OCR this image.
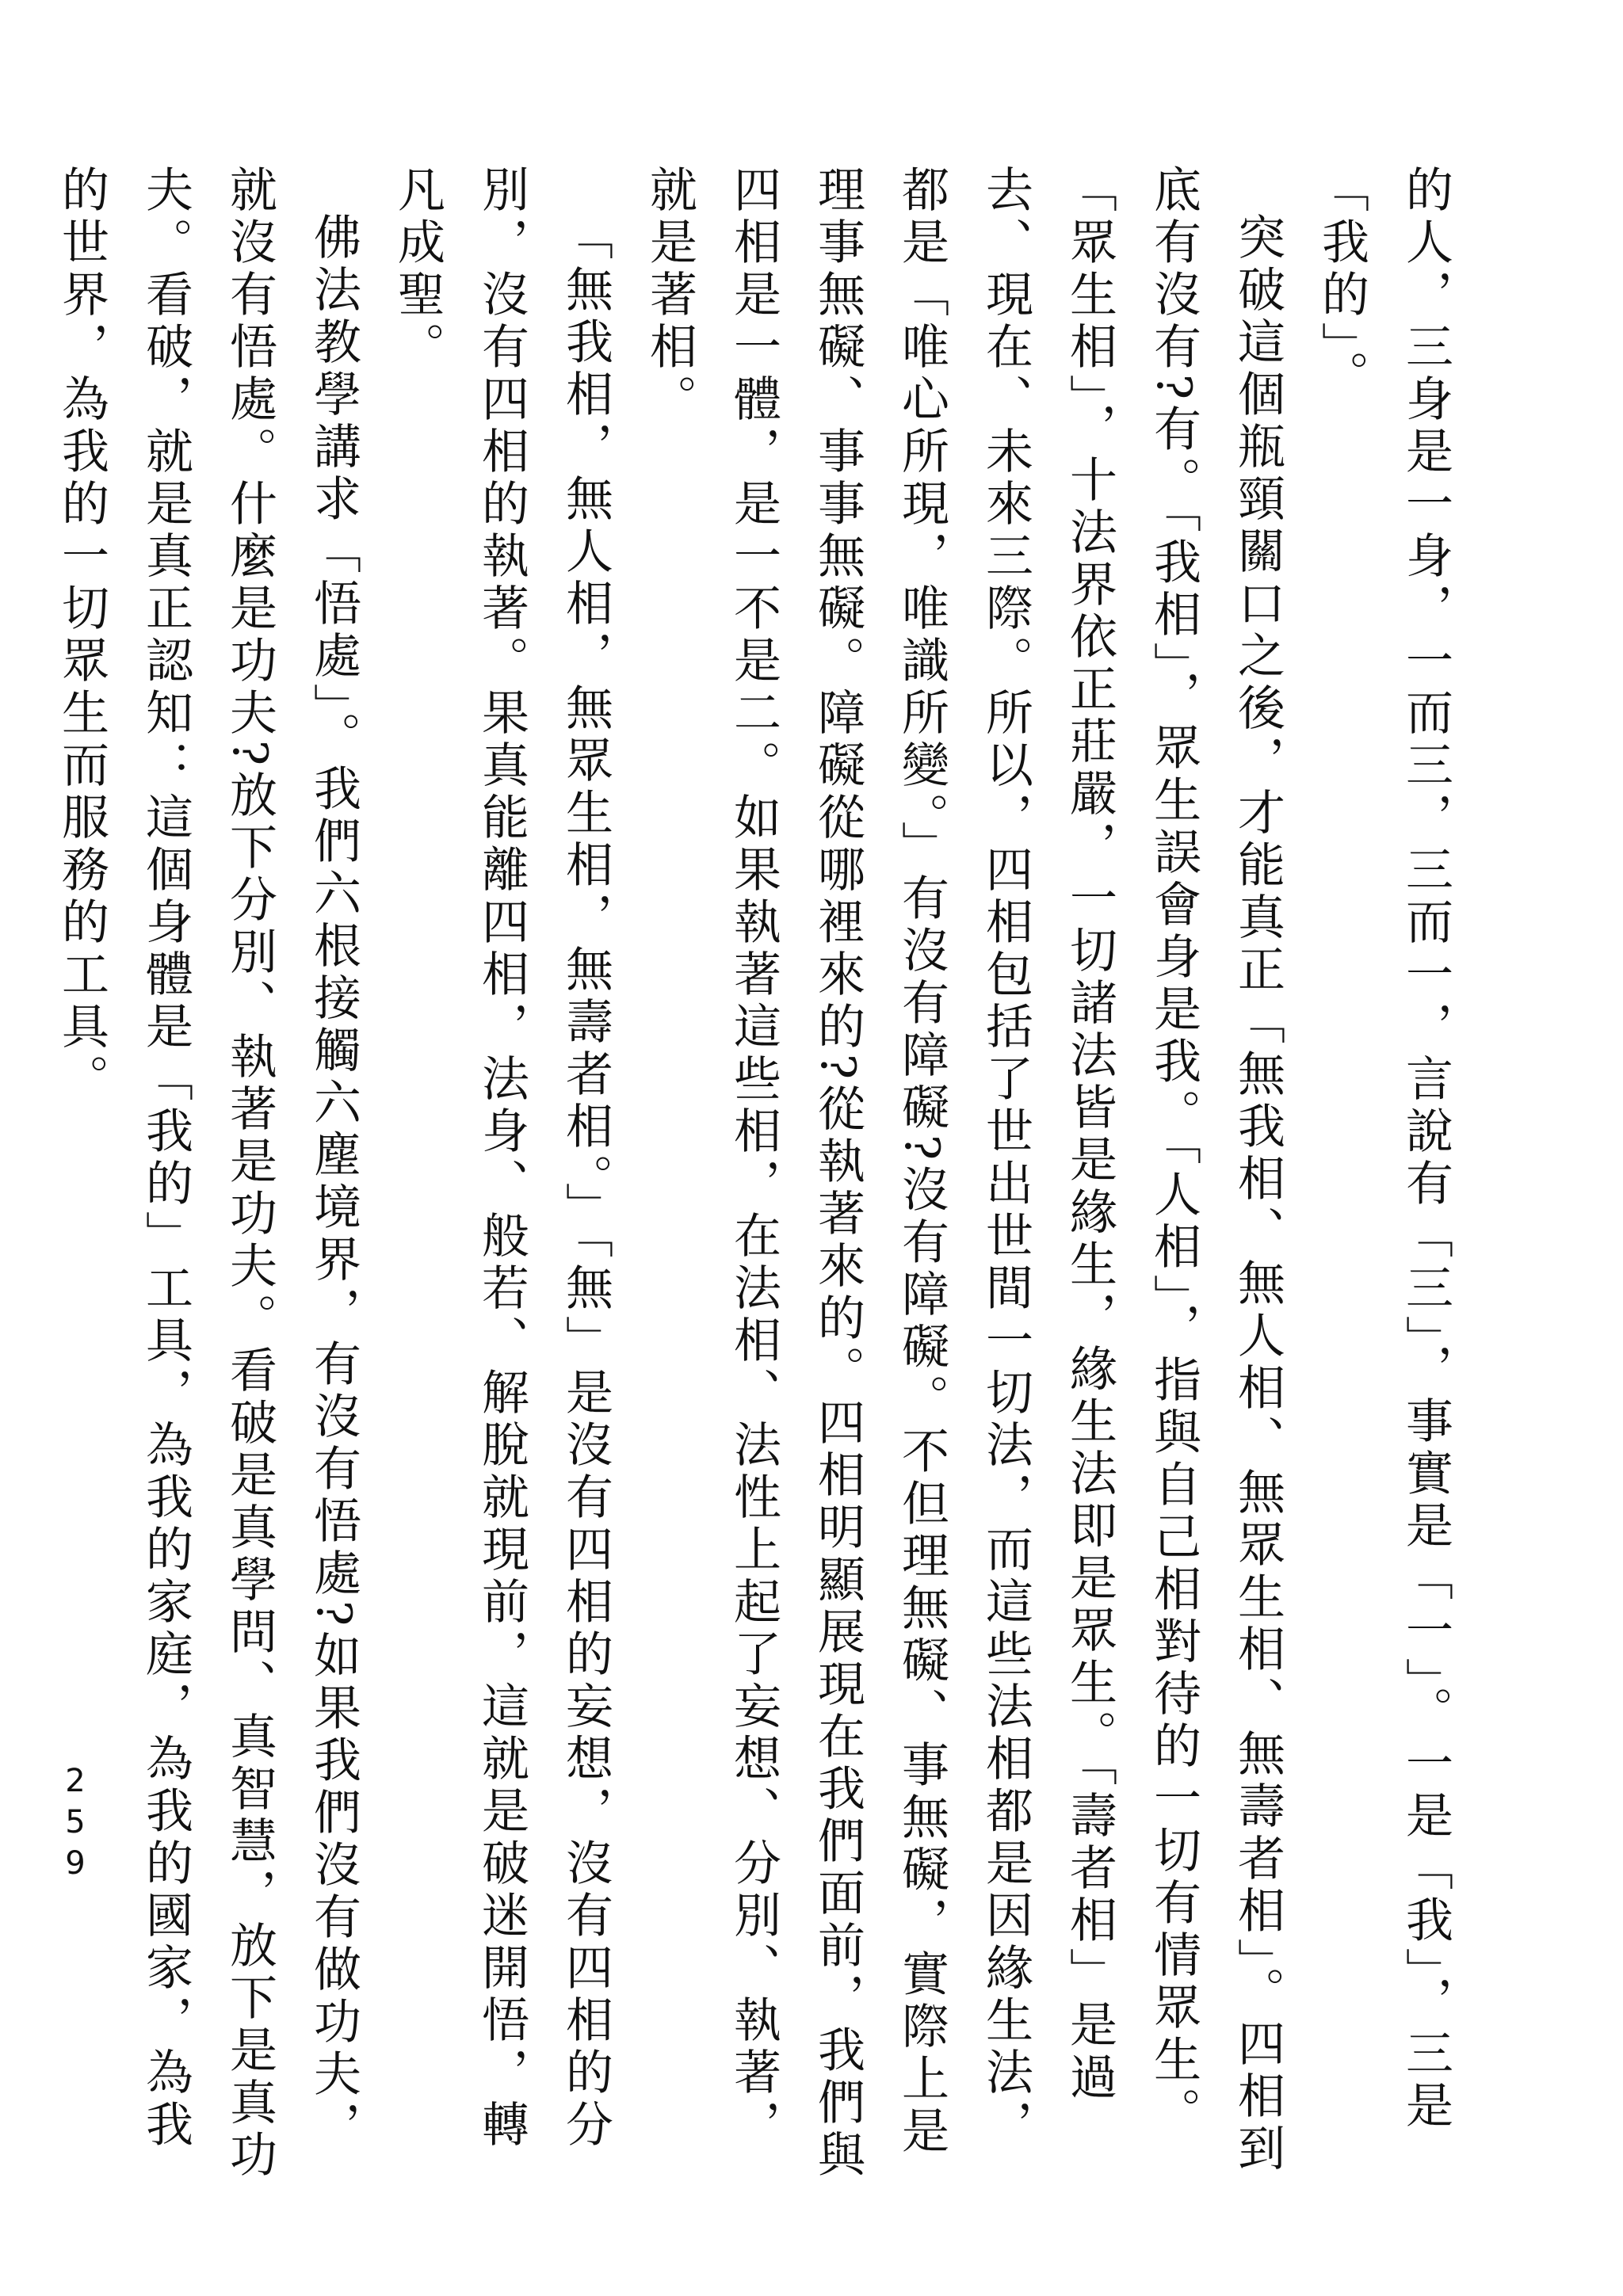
的人，三身是一身，一而三，三而一，言說有「三」，事實是「一」。一是「我」，三是「我的」。

突破這個瓶頸關口之後，才能真正「無我相、無人相、無眾生相、無壽者相」。四相到底有沒有?有。「我相」，眾生誤會身是我。「人相」，指與自己相對待的一切有情眾生。「眾生相」，十法界依正莊嚴，一切諸法皆是緣生，緣生法即是眾生。「壽者相」是過去、現在、未來三際。所以，四相包括了世出世間一切法，而這些法相都是因緣生法，都是「唯心所現，唯識所變。」有沒有障礙?沒有障礙。不但理無礙、事無礙，實際上是理事無礙、事事無礙。障礙從哪裡來的?從執著來的。四相明顯展現在我們面前，我們與四相是一體，是一不是二。如果執著這些相，在法相、法性上起了妄想、分別、執著，就是著相。

「無我相，無人相，無眾生相，無壽者相。」「無」是沒有四相的妄想，沒有四相的分別，沒有四相的執著。果真能離四相，法身、般若、解脫就現前，這就是破迷開悟，轉凡成聖。

佛法教學講求「悟處」。我們六根接觸六塵境界，有沒有悟處?如果我們沒有做功夫，就沒有悟處。什麼是功夫?放下分別、執著是功夫。看破是真學問、真智慧，放下是真功夫。看破，就是真正認知：這個身體是「我的」工具，為我的家庭，為我的國家，為我的世界，為我的一切眾生而服務的工具。

259
